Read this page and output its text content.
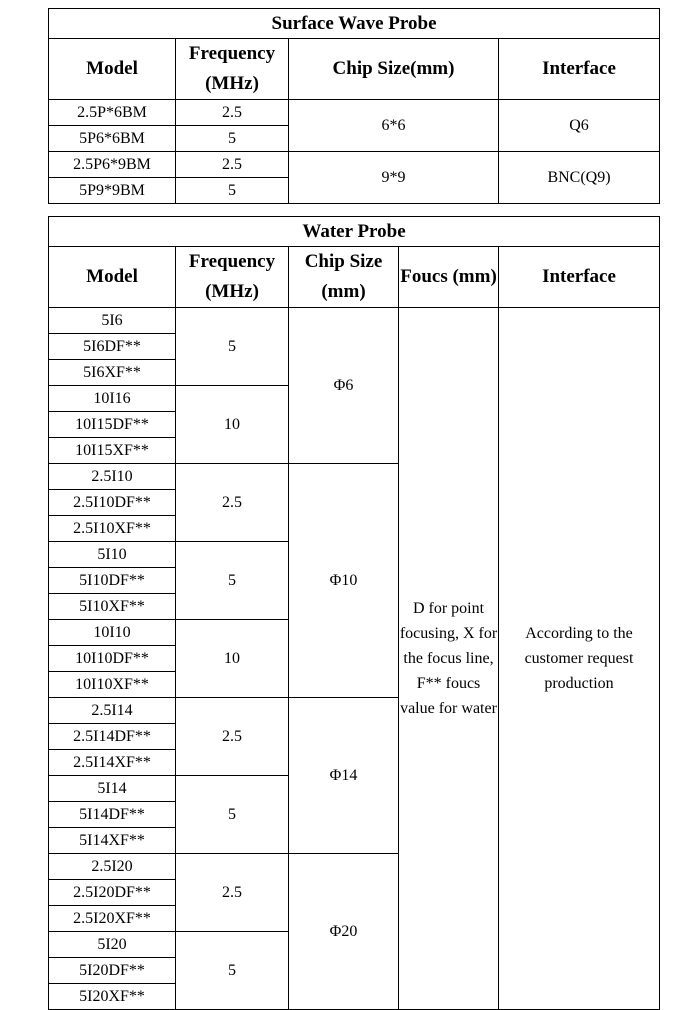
Surface Wave Probe			
Model	Frequency (MHz)	Chip Size(mm)	Interface
2.5P*6BM	2.5	6*6	Q6
5P6*6BM	5		
2.5P6*9BM	2.5	9*9	BNC(Q9)
5P9*9BM	5		
Water Probe				
Model	Frequency (MHz)	Chip Size (mm)	Foucs (mm)	Interface
5I6	5	Φ6	D for point focusing, X for the focus line, F** foucs value for water	According to the customer request production
5I6DF**				
5I6XF**				
10I16	10			
10I15DF**				
10I15XF**				
2.5I10	2.5	Φ10		
2.5I10DF**				
2.5I10XF**				
5I10	5			
5I10DF**				
5I10XF**				
10I10	10			
10I10DF**				
10I10XF**				
2.5I14	2.5	Φ14		
2.5I14DF**				
2.5I14XF**				
5I14	5			
5I14DF**				
5I14XF**				
2.5I20	2.5	Φ20		
2.5I20DF**				
2.5I20XF**				
5I20	5			
5I20DF**				
5I20XF**				
